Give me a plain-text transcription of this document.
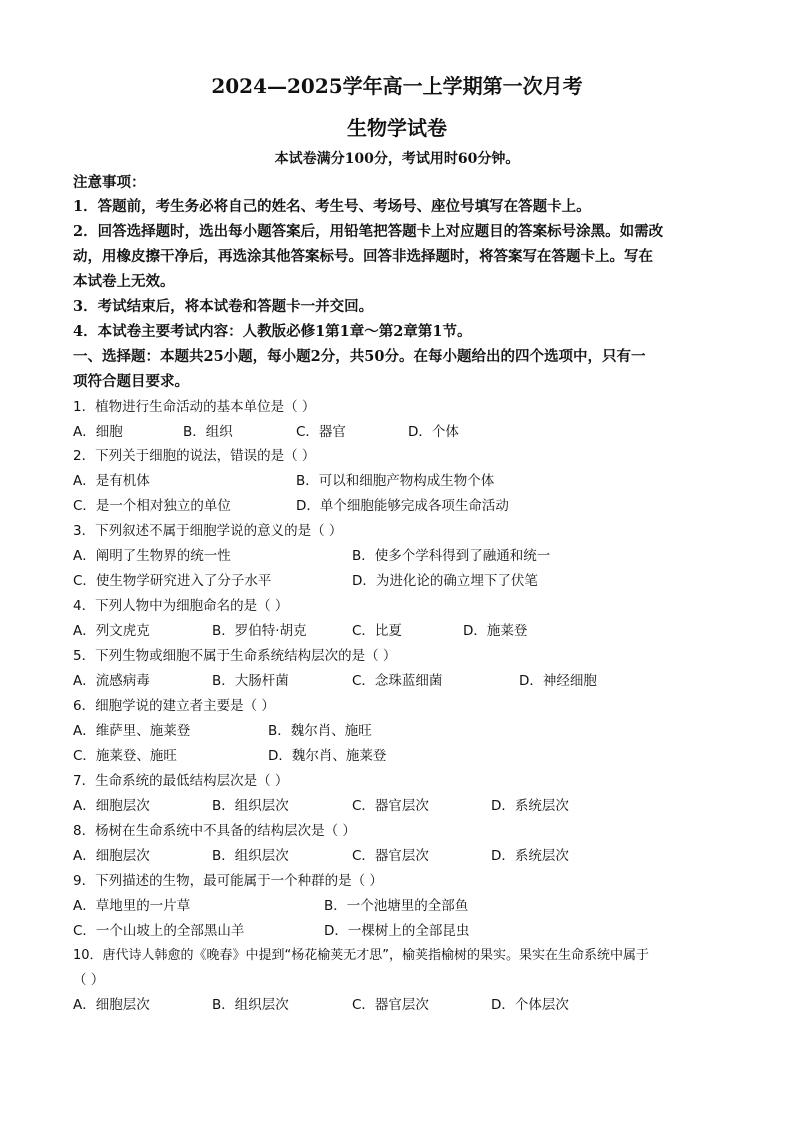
2024—2025学年高一上学期第一次月考
生物学试卷
本试卷满分100分，考试用时60分钟。
注意事项：
1．答题前，考生务必将自己的姓名、考生号、考场号、座位号填写在答题卡上。
2．回答选择题时，选出每小题答案后，用铅笔把答题卡上对应题目的答案标号涂黑。如需改
动，用橡皮擦干净后，再选涂其他答案标号。回答非选择题时，将答案写在答题卡上。写在
本试卷上无效。
3．考试结束后，将本试卷和答题卡一并交回。
4．本试卷主要考试内容：人教版必修1第1章～第2章第1节。
一、选择题：本题共25小题，每小题2分，共50分。在每小题给出的四个选项中，只有一
项符合题目要求。
1．植物进行生命活动的基本单位是（ ）
A．细胞	B．组织	C．器官	D．个体
2．下列关于细胞的说法，错误的是（ ）
A．是有机体	B．可以和细胞产物构成生物个体
C．是一个相对独立的单位	D．单个细胞能够完成各项生命活动
3．下列叙述不属于细胞学说的意义的是（ ）
A．阐明了生物界的统一性	B．使多个学科得到了融通和统一
C．使生物学研究进入了分子水平	D．为进化论的确立埋下了伏笔
4．下列人物中为细胞命名的是（ ）
A．列文虎克	B．罗伯特·胡克	C．比夏	D．施莱登
5．下列生物或细胞不属于生命系统结构层次的是（ ）
A．流感病毒	B．大肠杆菌	C．念珠蓝细菌	D．神经细胞
6．细胞学说的建立者主要是（ ）
A．维萨里、施莱登	B．魏尔肖、施旺
C．施莱登、施旺	D．魏尔肖、施莱登
7．生命系统的最低结构层次是（ ）
A．细胞层次	B．组织层次	C．器官层次	D．系统层次
8．杨树在生命系统中不具备的结构层次是（ ）
A．细胞层次	B．组织层次	C．器官层次	D．系统层次
9．下列描述的生物，最可能属于一个种群的是（ ）
A．草地里的一片草	B．一个池塘里的全部鱼
C．一个山坡上的全部黑山羊	D．一棵树上的全部昆虫
10．唐代诗人韩愈的《晚春》中提到“杨花榆荚无才思”，榆荚指榆树的果实。果实在生命系统中属于
（ ）
A．细胞层次	B．组织层次	C．器官层次	D．个体层次
